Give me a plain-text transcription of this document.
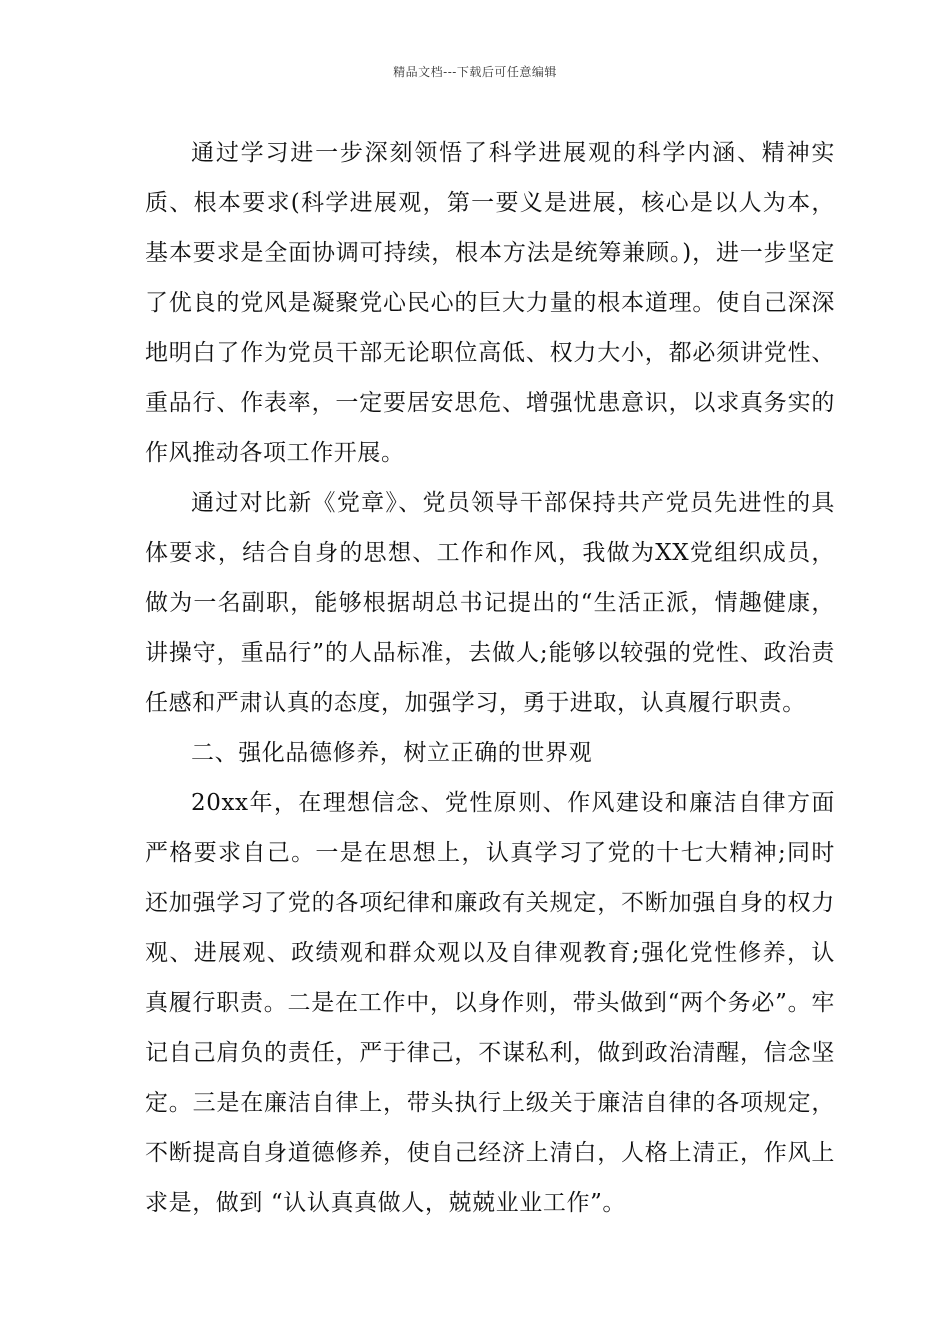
精品文档---下载后可任意编辑

通过学习进一步深刻领悟了科学进展观的科学内涵、精神实质、根本要求(科学进展观，第一要义是进展，核心是以人为本，基本要求是全面协调可持续，根本方法是统筹兼顾。)，进一步坚定了优良的党风是凝聚党心民心的巨大力量的根本道理。使自己深深地明白了作为党员干部无论职位高低、权力大小，都必须讲党性、重品行、作表率，一定要居安思危、增强忧患意识，以求真务实的作风推动各项工作开展。

通过对比新《党章》、党员领导干部保持共产党员先进性的具体要求，结合自身的思想、工作和作风，我做为XX党组织成员，做为一名副职，能够根据胡总书记提出的“生活正派，情趣健康，讲操守，重品行”的人品标准，去做人;能够以较强的党性、政治责任感和严肃认真的态度，加强学习，勇于进取，认真履行职责。

二、强化品德修养，树立正确的世界观

20xx年，在理想信念、党性原则、作风建设和廉洁自律方面严格要求自己。一是在思想上，认真学习了党的十七大精神;同时还加强学习了党的各项纪律和廉政有关规定，不断加强自身的权力观、进展观、政绩观和群众观以及自律观教育;强化党性修养，认真履行职责。二是在工作中，以身作则，带头做到“两个务必”。牢记自己肩负的责任，严于律己，不谋私利，做到政治清醒，信念坚定。三是在廉洁自律上，带头执行上级关于廉洁自律的各项规定，不断提高自身道德修养，使自己经济上清白，人格上清正，作风上求是，做到 “认认真真做人，兢兢业业工作”。
